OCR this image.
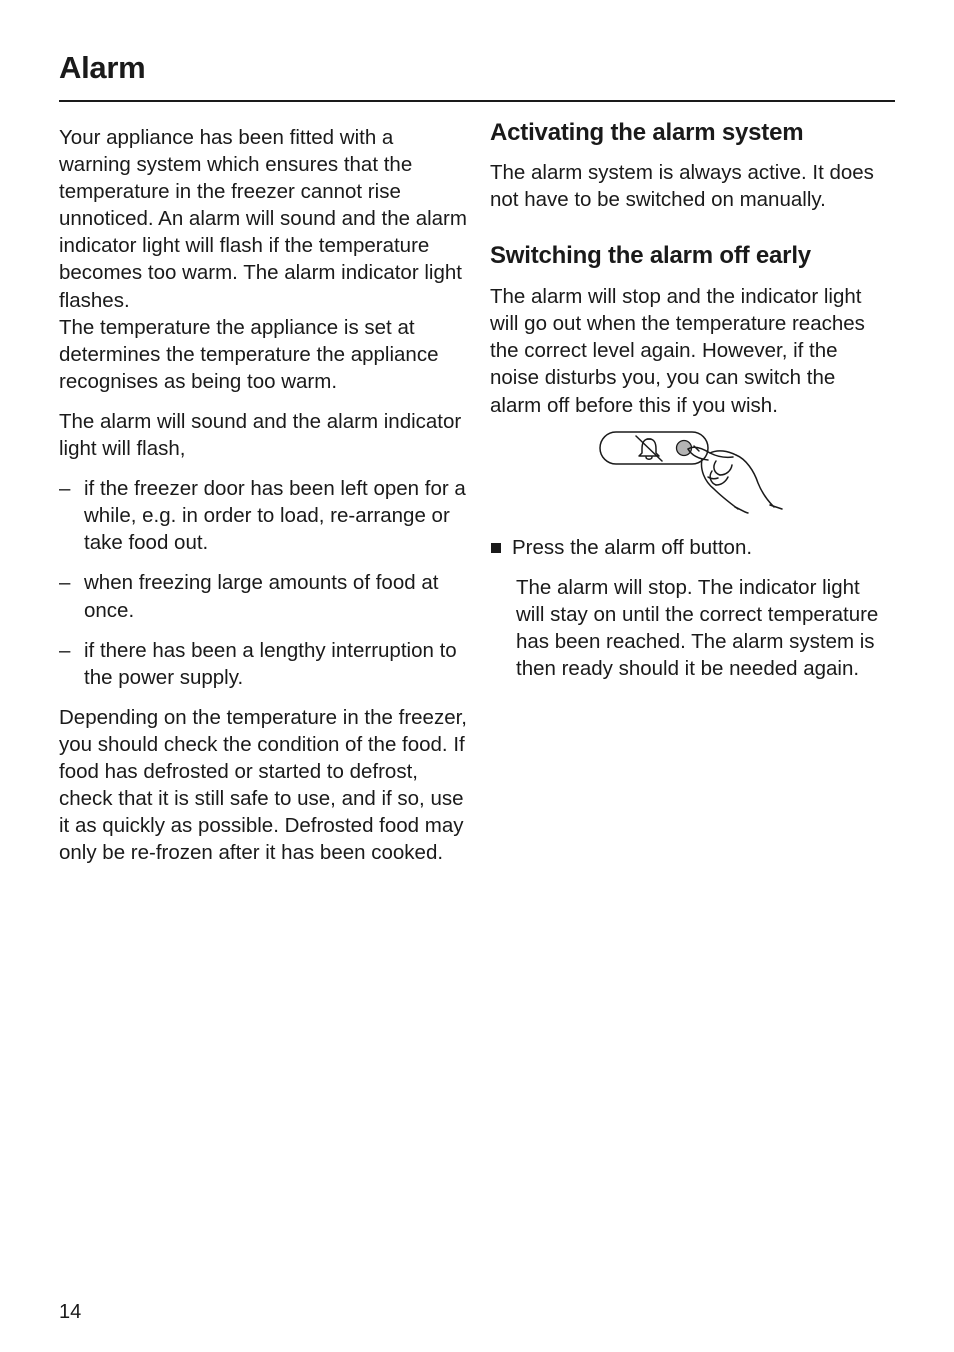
Alarm

Your appliance has been fitted with a warning system which ensures that the temperature in the freezer cannot rise unnoticed. An alarm will sound and the alarm indicator light will flash if the temperature becomes too warm. The alarm indicator light flashes.

The temperature the appliance is set at determines the temperature the appliance recognises as being too warm.

The alarm will sound and the alarm indicator light will flash,

– if the freezer door has been left open for a while, e.g. in order to load, re-arrange or take food out.
– when freezing large amounts of food at once.
– if there has been a lengthy interruption to the power supply.

Depending on the temperature in the freezer, you should check the condition of the food. If food has defrosted or started to defrost, check that it is still safe to use, and if so, use it as quickly as possible. Defrosted food may only be re-frozen after it has been cooked.

Activating the alarm system

The alarm system is always active. It does not have to be switched on manually.

Switching the alarm off early

The alarm will stop and the indicator light will go out when the temperature reaches the correct level again. However, if the noise disturbs you, you can switch the alarm off before this if you wish.

Press the alarm off button.

The alarm will stop. The indicator light will stay on until the correct temperature has been reached. The alarm system is then ready should it be needed again.

14
